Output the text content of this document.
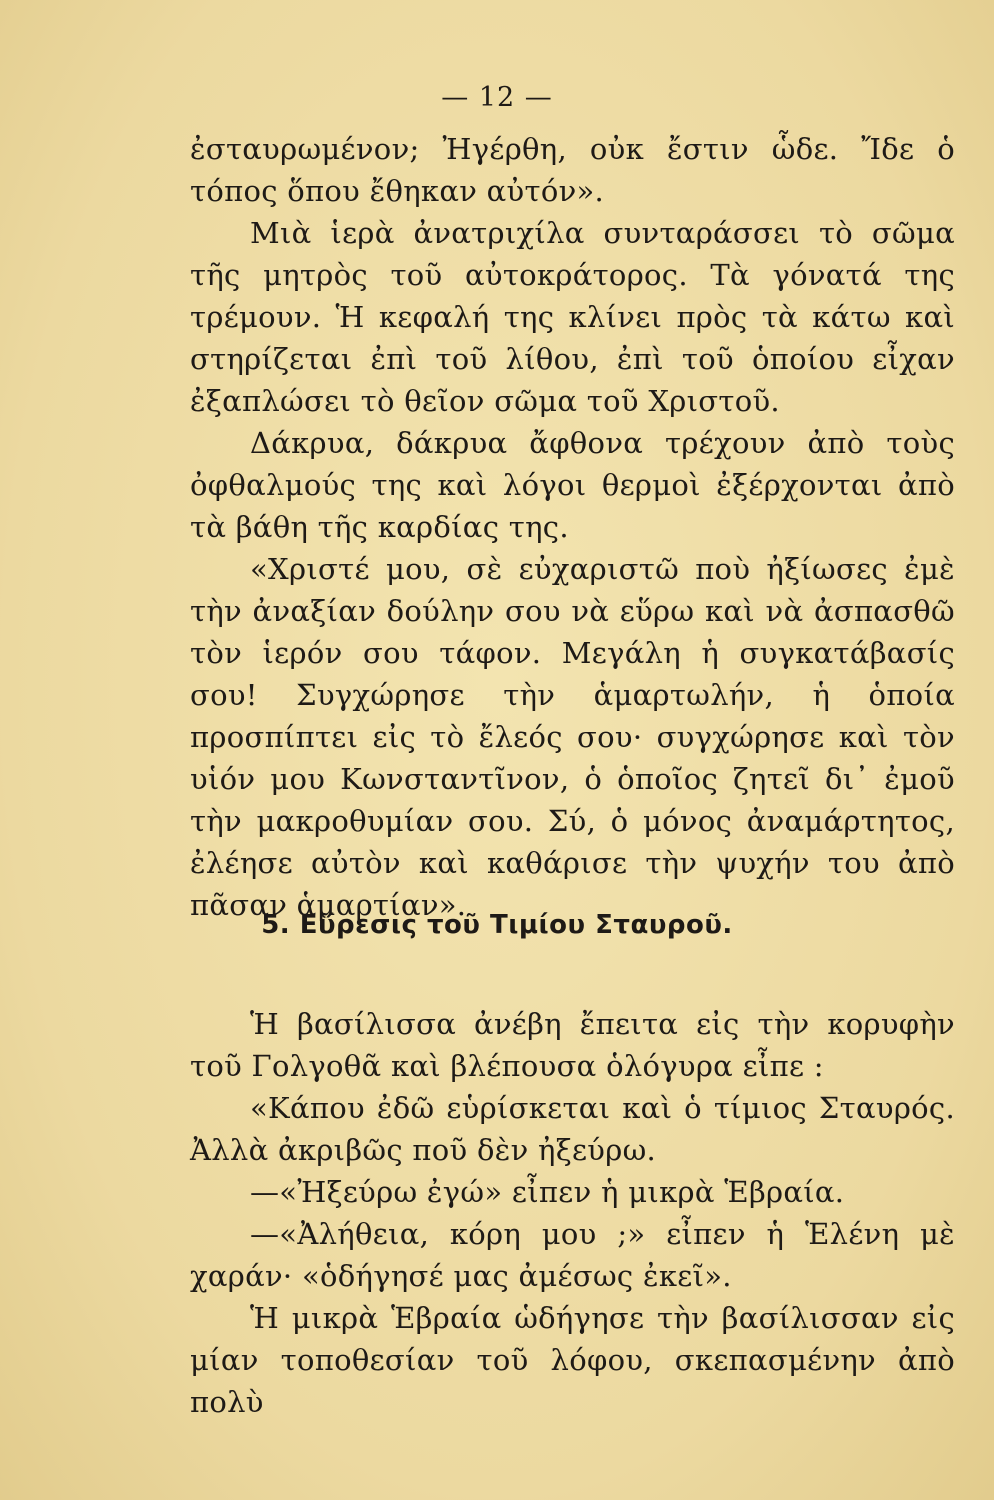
— 12 —

ἐσταυρωμένον; Ἠγέρθη, οὐκ ἔστιν ὧδε. Ἴδε ὁ τόπος ὅπου ἔθηκαν αὐτόν».

Μιὰ ἱερὰ ἀνατριχίλα συνταράσσει τὸ σῶμα τῆς μητρὸς τοῦ αὐτοκράτορος. Τὰ γόνατά της τρέμουν. Ἡ κεφαλή της κλίνει πρὸς τὰ κάτω καὶ στηρίζεται ἐπὶ τοῦ λίθου, ἐπὶ τοῦ ὁποίου εἶχαν ἐξαπλώσει τὸ θεῖον σῶμα τοῦ Χριστοῦ.

Δάκρυα, δάκρυα ἄφθονα τρέχουν ἀπὸ τοὺς ὀφθαλμούς της καὶ λόγοι θερμοὶ ἐξέρχονται ἀπὸ τὰ βάθη τῆς καρδίας της.

«Χριστέ μου, σὲ εὐχαριστῶ ποὺ ἠξίωσες ἐμὲ τὴν ἀναξίαν δούλην σου νὰ εὕρω καὶ νὰ ἀσπασθῶ τὸν ἱερόν σου τάφον. Μεγάλη ἡ συγκατάβασίς σου! Συγχώρησε τὴν ἁμαρτωλήν, ἡ ὁποία προσπίπτει εἰς τὸ ἔλεός σου· συγχώρησε καὶ τὸν υἱόν μου Κωνσταντῖνον, ὁ ὁποῖος ζητεῖ δι᾽ ἐμοῦ τὴν μακροθυμίαν σου. Σύ, ὁ μόνος ἀναμάρτητος, ἐλέησε αὐτὸν καὶ καθάρισε τὴν ψυχήν του ἀπὸ πᾶσαν ἁμαρτίαν».

5. Εὕρεσις τοῦ Τιμίου Σταυροῦ.

Ἡ βασίλισσα ἀνέβη ἔπειτα εἰς τὴν κορυφὴν τοῦ Γολγοθᾶ καὶ βλέπουσα ὁλόγυρα εἶπε :

«Κάπου ἐδῶ εὑρίσκεται καὶ ὁ τίμιος Σταυρός. Ἀλλὰ ἀκριβῶς ποῦ δὲν ἠξεύρω.

—«Ἠξεύρω ἐγώ» εἶπεν ἡ μικρὰ Ἑβραία.

—«Ἀλήθεια, κόρη μου ;» εἶπεν ἡ Ἑλένη μὲ χαράν· «ὁδήγησέ μας ἀμέσως ἐκεῖ».

Ἡ μικρὰ Ἑβραία ὡδήγησε τὴν βασίλισσαν εἰς μίαν τοποθεσίαν τοῦ λόφου, σκεπασμένην ἀπὸ πολὺ
